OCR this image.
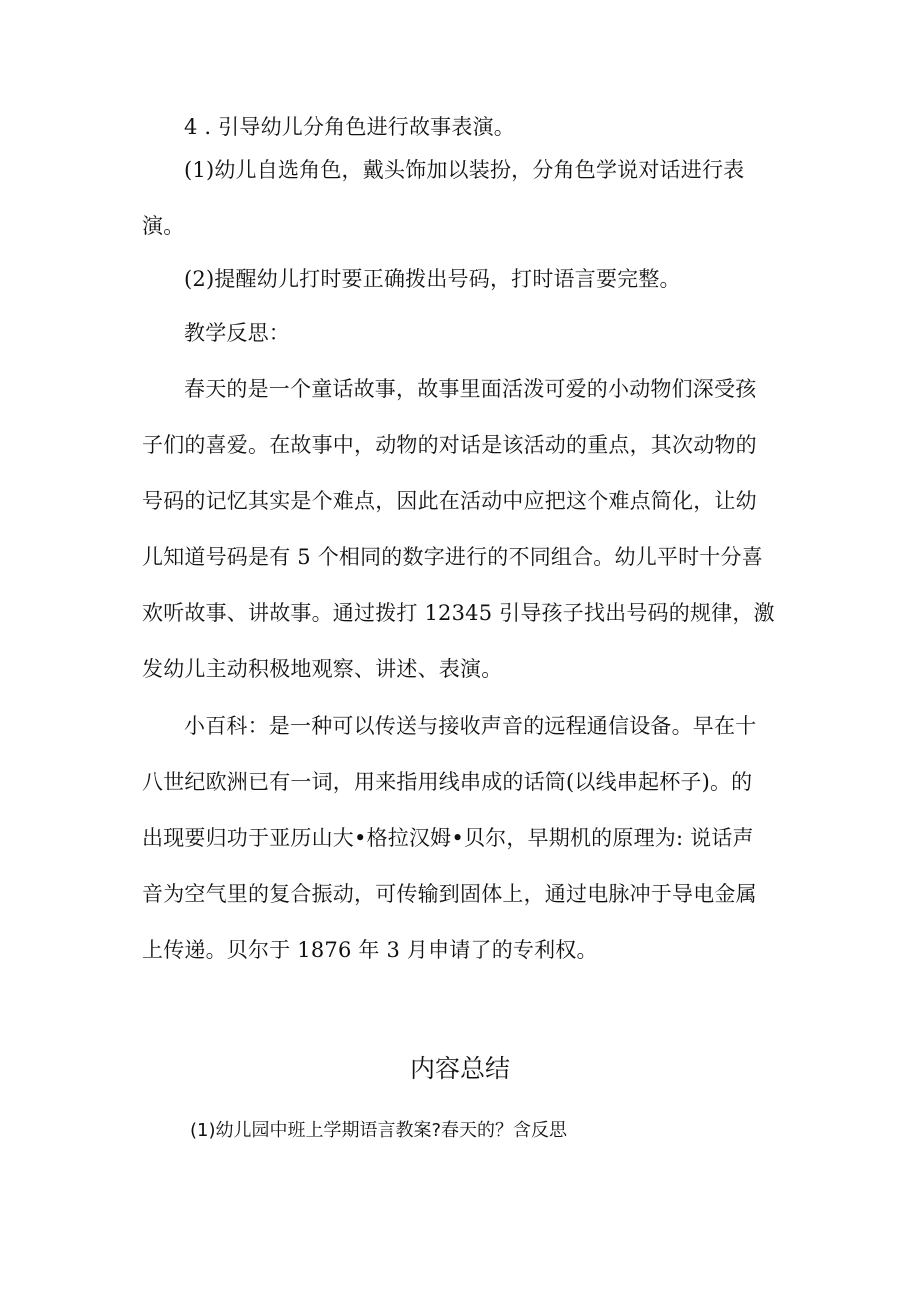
4 . 引导幼儿分角色进行故事表演。
(1)幼儿自选角色，戴头饰加以装扮，分角色学说对话进行表
演。
(2)提醒幼儿打时要正确拨出号码，打时语言要完整。
教学反思：
春天的是一个童话故事，故事里面活泼可爱的小动物们深受孩
子们的喜爱。在故事中，动物的对话是该活动的重点，其次动物的
号码的记忆其实是个难点，因此在活动中应把这个难点简化，让幼
儿知道号码是有 5 个相同的数字进行的不同组合。幼儿平时十分喜
欢听故事、讲故事。通过拨打 12345 引导孩子找出号码的规律，激
发幼儿主动积极地观察、讲述、表演。
小百科：是一种可以传送与接收声音的远程通信设备。早在十
八世纪欧洲已有一词，用来指用线串成的话筒(以线串起杯子)。的
出现要归功于亚历山大•格拉汉姆•贝尔，早期机的原理为: 说话声
音为空气里的复合振动，可传输到固体上，通过电脉冲于导电金属
上传递。贝尔于 1876 年 3 月申请了的专利权。
内容总结
(1)幼儿园中班上学期语言教案?春天的？含反思
